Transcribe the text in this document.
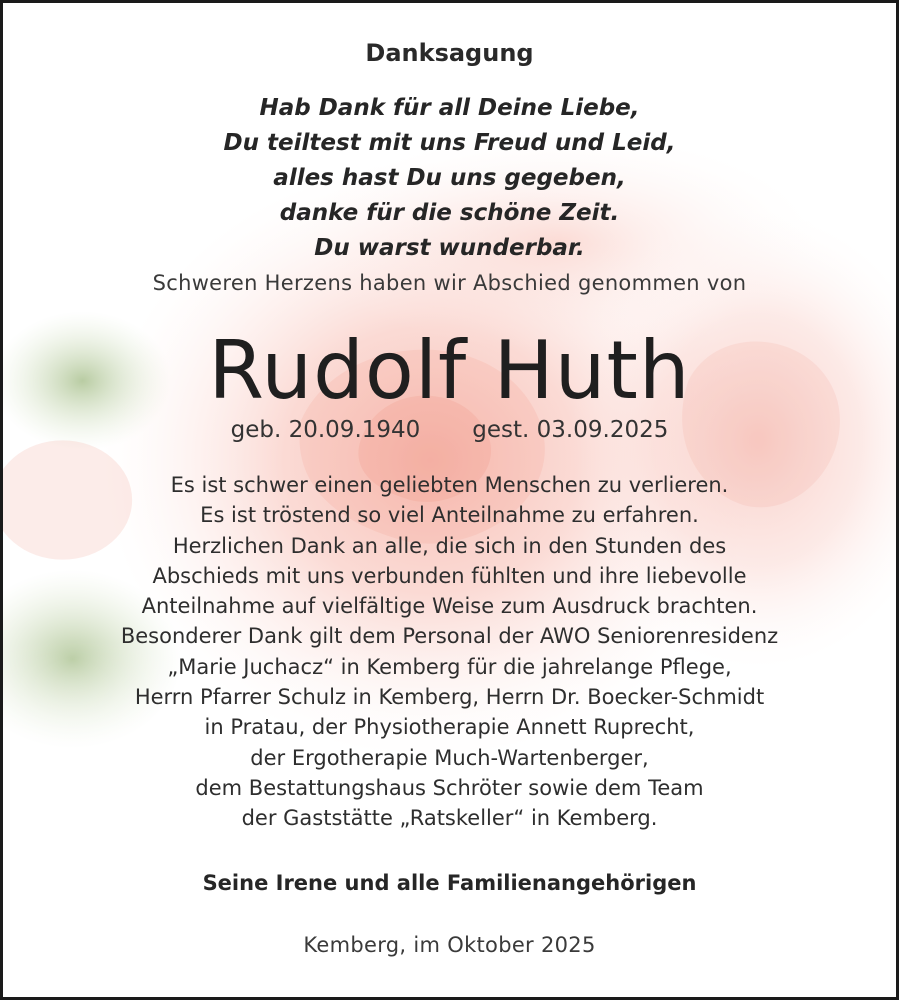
Danksagung
Hab Dank für all Deine Liebe,
Du teiltest mit uns Freud und Leid,
alles hast Du uns gegeben,
danke für die schöne Zeit.
Du warst wunderbar.
Schweren Herzens haben wir Abschied genommen von
Rudolf Huth
geb. 20.09.1940 gest. 03.09.2025
Es ist schwer einen geliebten Menschen zu verlieren.
Es ist tröstend so viel Anteilnahme zu erfahren.
Herzlichen Dank an alle, die sich in den Stunden des
Abschieds mit uns verbunden fühlten und ihre liebevolle
Anteilnahme auf vielfältige Weise zum Ausdruck brachten.
Besonderer Dank gilt dem Personal der AWO Seniorenresidenz
„Marie Juchacz“ in Kemberg für die jahrelange Pflege,
Herrn Pfarrer Schulz in Kemberg, Herrn Dr. Boecker-Schmidt
in Pratau, der Physiotherapie Annett Ruprecht,
der Ergotherapie Much-Wartenberger,
dem Bestattungshaus Schröter sowie dem Team
der Gaststätte „Ratskeller“ in Kemberg.
Seine Irene und alle Familienangehörigen
Kemberg, im Oktober 2025
